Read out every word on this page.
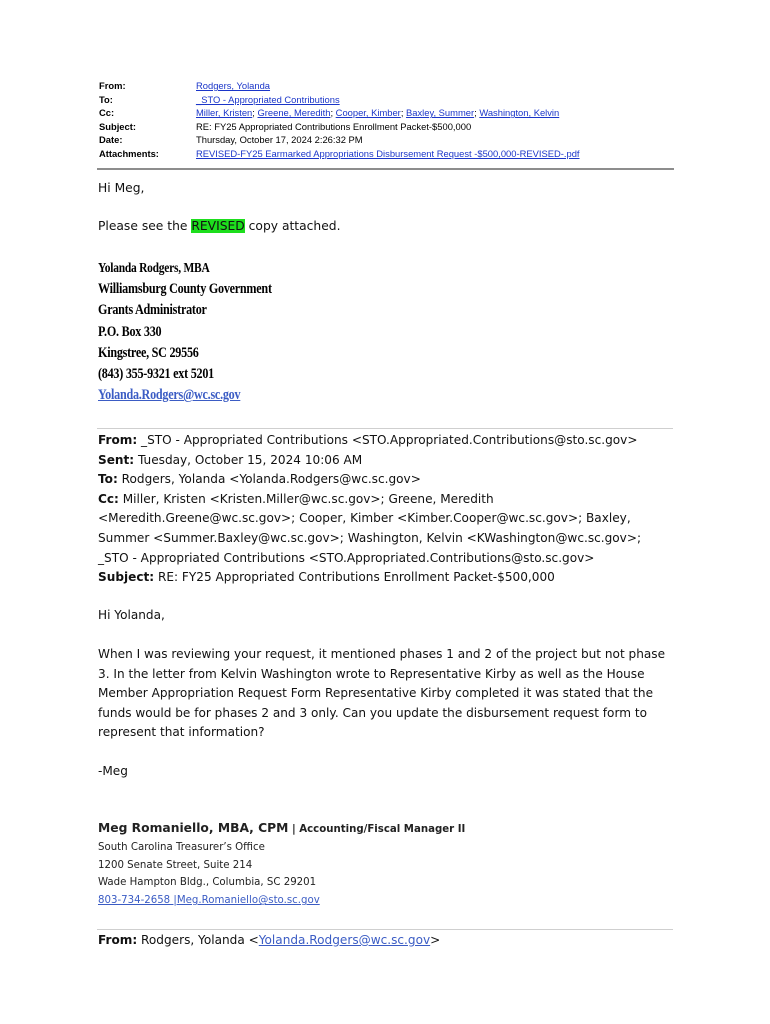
From:	Rodgers, Yolanda
To:	_STO - Appropriated Contributions
Cc:	Miller, Kristen; Greene, Meredith; Cooper, Kimber; Baxley, Summer; Washington, Kelvin
Subject:	RE: FY25 Appropriated Contributions Enrollment Packet-$500,000
Date:	Thursday, October 17, 2024 2:26:32 PM
Attachments:	REVISED-FY25 Earmarked Appropriations Disbursement Request -$500,000-REVISED-.pdf
Hi Meg,
Please see the REVISED copy attached.
Yolanda Rodgers, MBA
Williamsburg County Government
Grants Administrator
P.O. Box 330
Kingstree, SC 29556
(843) 355-9321 ext 5201
Yolanda.Rodgers@wc.sc.gov
From: _STO - Appropriated Contributions <STO.Appropriated.Contributions@sto.sc.gov>
Sent: Tuesday, October 15, 2024 10:06 AM
To: Rodgers, Yolanda <Yolanda.Rodgers@wc.sc.gov>
Cc: Miller, Kristen <Kristen.Miller@wc.sc.gov>; Greene, Meredith <Meredith.Greene@wc.sc.gov>; Cooper, Kimber <Kimber.Cooper@wc.sc.gov>; Baxley, Summer <Summer.Baxley@wc.sc.gov>; Washington, Kelvin <KWashington@wc.sc.gov>; _STO - Appropriated Contributions <STO.Appropriated.Contributions@sto.sc.gov>
Subject: RE: FY25 Appropriated Contributions Enrollment Packet-$500,000
Hi Yolanda,
When I was reviewing your request, it mentioned phases 1 and 2 of the project but not phase 3. In the letter from Kelvin Washington wrote to Representative Kirby as well as the House Member Appropriation Request Form Representative Kirby completed it was stated that the funds would be for phases 2 and 3 only. Can you update the disbursement request form to represent that information?
-Meg
Meg Romaniello, MBA, CPM | Accounting/Fiscal Manager II
South Carolina Treasurer’s Office
1200 Senate Street, Suite 214
Wade Hampton Bldg., Columbia, SC 29201
803-734-2658 |Meg.Romaniello@sto.sc.gov
From: Rodgers, Yolanda <Yolanda.Rodgers@wc.sc.gov>
